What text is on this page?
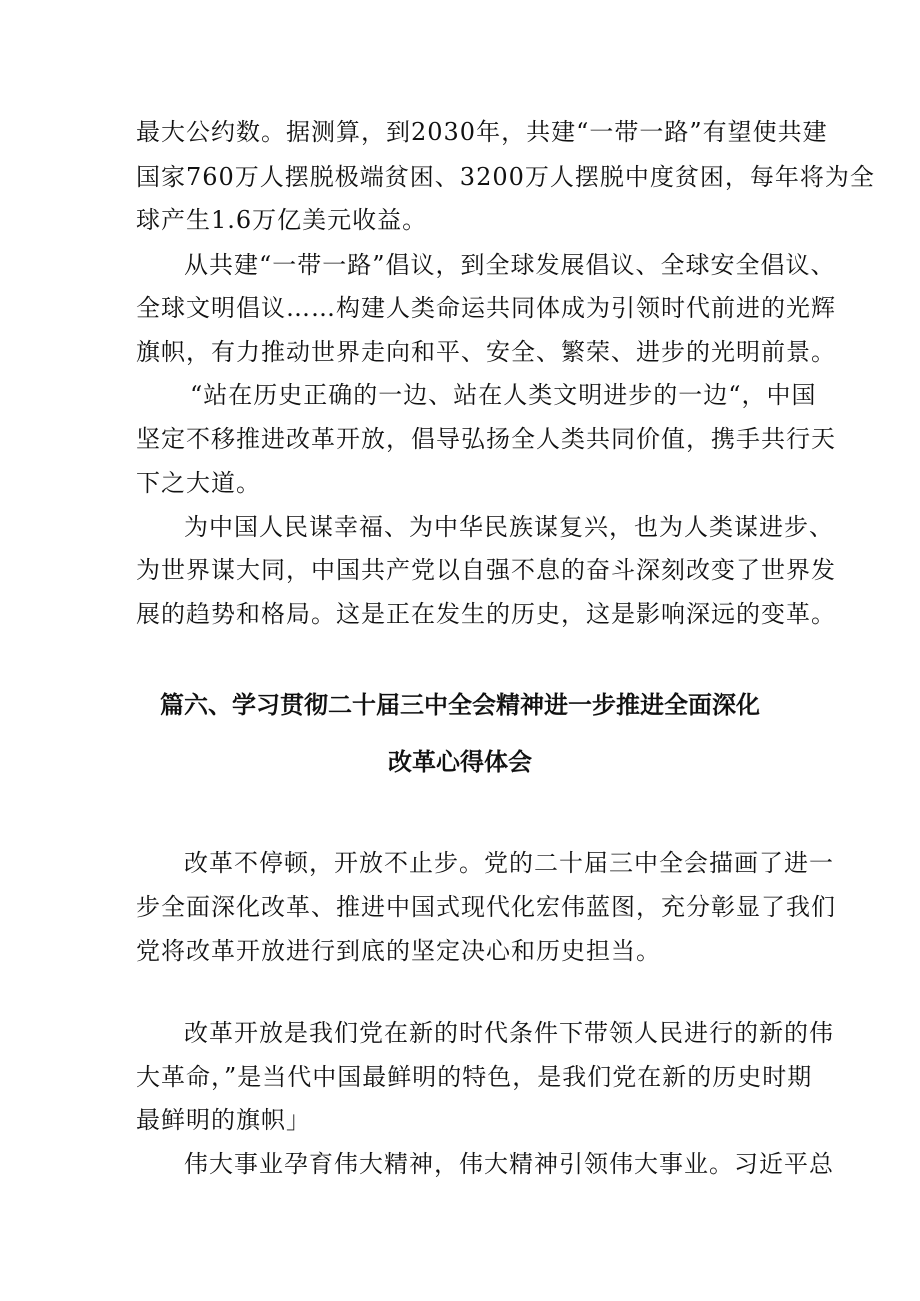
最大公约数。据测算，到2030年，共建“一带一路”有望使共建

国家760万人摆脱极端贫困、3200万人摆脱中度贫困，每年将为全

球产生1.6万亿美元收益。

从共建“一带一路”倡议，到全球发展倡议、全球安全倡议、

全球文明倡议……构建人类命运共同体成为引领时代前进的光辉

旗帜，有力推动世界走向和平、安全、繁荣、进步的光明前景。

“站在历史正确的一边、站在人类文明进步的一边“，中国

坚定不移推进改革开放，倡导弘扬全人类共同价值，携手共行天

下之大道。

为中国人民谋幸福、为中华民族谋复兴，也为人类谋进步、

为世界谋大同，中国共产党以自强不息的奋斗深刻改变了世界发

展的趋势和格局。这是正在发生的历史，这是影响深远的变革。

篇六、学习贯彻二十届三中全会精神进一步推进全面深化
改革心得体会

改革不停顿，开放不止步。党的二十届三中全会描画了进一

步全面深化改革、推进中国式现代化宏伟蓝图，充分彰显了我们

党将改革开放进行到底的坚定决心和历史担当。

改革开放是我们党在新的时代条件下带领人民进行的新的伟

大革命，”是当代中国最鲜明的特色，是我们党在新的历史时期

最鲜明的旗帜」

伟大事业孕育伟大精神，伟大精神引领伟大事业。习近平总
